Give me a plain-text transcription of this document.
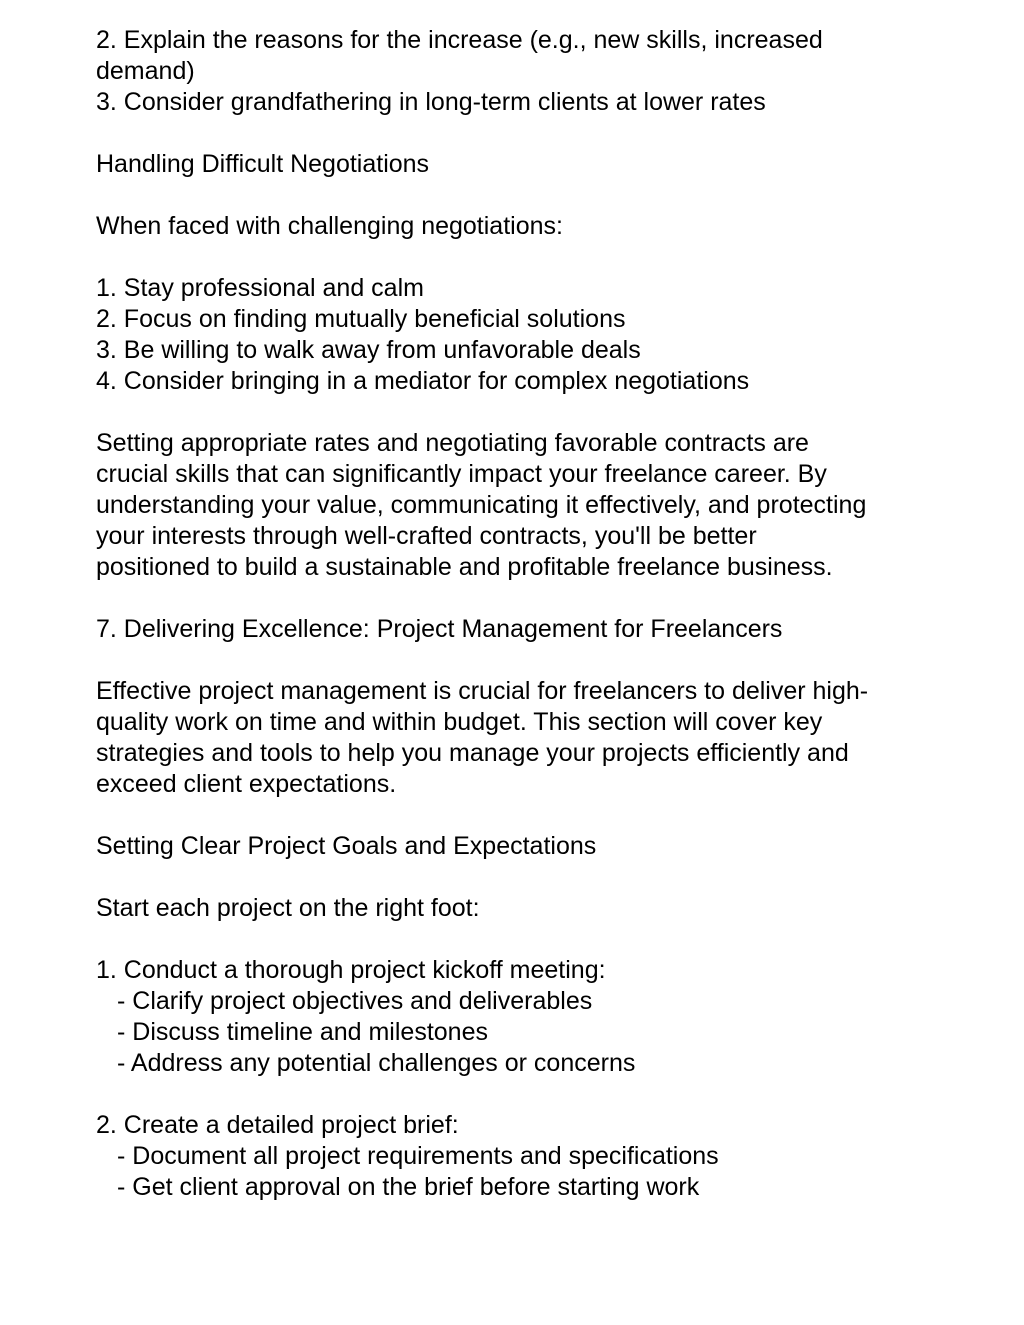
2. Explain the reasons for the increase (e.g., new skills, increased
demand)
3. Consider grandfathering in long-term clients at lower rates
Handling Difficult Negotiations
When faced with challenging negotiations:
1. Stay professional and calm
2. Focus on finding mutually beneficial solutions
3. Be willing to walk away from unfavorable deals
4. Consider bringing in a mediator for complex negotiations
Setting appropriate rates and negotiating favorable contracts are
crucial skills that can significantly impact your freelance career. By
understanding your value, communicating it effectively, and protecting
your interests through well-crafted contracts, you'll be better
positioned to build a sustainable and profitable freelance business.
7. Delivering Excellence: Project Management for Freelancers
Effective project management is crucial for freelancers to deliver high-
quality work on time and within budget. This section will cover key
strategies and tools to help you manage your projects efficiently and
exceed client expectations.
Setting Clear Project Goals and Expectations
Start each project on the right foot:
1. Conduct a thorough project kickoff meeting:
- Clarify project objectives and deliverables
- Discuss timeline and milestones
- Address any potential challenges or concerns
2. Create a detailed project brief:
- Document all project requirements and specifications
- Get client approval on the brief before starting work
